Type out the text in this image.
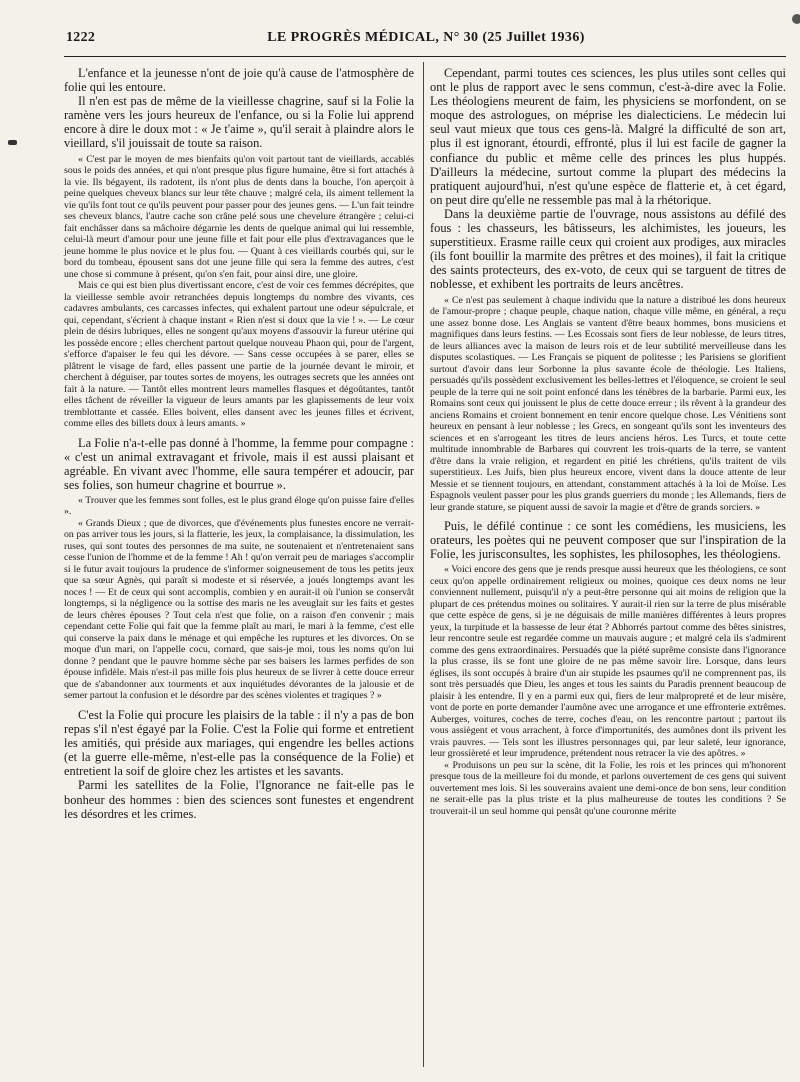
1222	LE PROGRÈS MÉDICAL, N° 30 (25 Juillet 1936)

L'enfance et la jeunesse n'ont de joie qu'à cause de l'atmosphère de folie qui les entoure.

Il n'en est pas de même de la vieillesse chagrine, sauf si la Folie la ramène vers les jours heureux de l'enfance, ou si la Folie lui apprend encore à dire le doux mot : « Je t'aime », qu'il serait à plaindre alors le vieillard, s'il jouissait de toute sa raison.

« C'est par le moyen de mes bienfaits qu'on voit partout tant de vieillards, accablés sous le poids des années, et qui n'ont presque plus figure humaine, être si fort attachés à la vie. Ils bégayent, ils radotent, ils n'ont plus de dents dans la bouche, l'on aperçoit à peine quelques cheveux blancs sur leur tête chauve ; malgré cela, ils aiment tellement la vie qu'ils font tout ce qu'ils peuvent pour passer pour des jeunes gens. — L'un fait teindre ses cheveux blancs, l'autre cache son crâne pelé sous une chevelure étrangère ; celui-ci fait enchâsser dans sa mâchoire dégarnie les dents de quelque animal qui lui ressemble, celui-là meurt d'amour pour une jeune fille et fait pour elle plus d'extravagances que le jeune homme le plus novice et le plus fou. — Quant à ces vieillards courbés qui, sur le bord du tombeau, épousent sans dot une jeune fille qui sera la femme des autres, c'est une chose si commune à présent, qu'on s'en fait, pour ainsi dire, une gloire.

Mais ce qui est bien plus divertissant encore, c'est de voir ces femmes décrépites, que la vieillesse semble avoir retranchées depuis longtemps du nombre des vivants, ces cadavres ambulants, ces carcasses infectes, qui exhalent partout une odeur sépulcrale, et qui, cependant, s'écrient à chaque instant « Rien n'est si doux que la vie ! ». — Le cœur plein de désirs lubriques, elles ne songent qu'aux moyens d'assouvir la fureur utérine qui les possède encore ; elles cherchent partout quelque nouveau Phaon qui, pour de l'argent, s'efforce d'apaiser le feu qui les dévore. — Sans cesse occupées à se parer, elles se plâtrent le visage de fard, elles passent une partie de la journée devant le miroir, et cherchent à déguiser, par toutes sortes de moyens, les outrages secrets que les années ont fait à la nature. — Tantôt elles montrent leurs mamelles flasques et dégoûtantes, tantôt elles tâchent de réveiller la vigueur de leurs amants par les glapissements de leur voix tremblottante et cassée. Elles boivent, elles dansent avec les jeunes filles et écrivent, comme elles des billets doux à leurs amants. »

La Folie n'a-t-elle pas donné à l'homme, la femme pour compagne : « c'est un animal extravagant et frivole, mais il est aussi plaisant et agréable. En vivant avec l'homme, elle saura tempérer et adoucir, par ses folies, son humeur chagrine et bourrue ».

« Trouver que les femmes sont folles, est le plus grand éloge qu'on puisse faire d'elles ».

« Grands Dieux ; que de divorces, que d'événements plus funestes encore ne verrait-on pas arriver tous les jours, si la flatterie, les jeux, la complaisance, la dissimulation, les ruses, qui sont toutes des personnes de ma suite, ne soutenaient et n'entretenaient sans cesse l'union de l'homme et de la femme ! Ah ! qu'on verrait peu de mariages s'accomplir si le futur avait toujours la prudence de s'informer soigneusement de tous les petits jeux que sa sœur Agnès, qui paraît si modeste et si réservée, a joués longtemps avant les noces ! — Et de ceux qui sont accomplis, combien y en aurait-il où l'union se conservât longtemps, si la négligence ou la sottise des maris ne les aveuglait sur les faits et gestes de leurs chères épouses ? Tout cela n'est que folie, on a raison d'en convenir ; mais cependant cette Folie qui fait que la femme plaît au mari, le mari à la femme, c'est elle qui conserve la paix dans le ménage et qui empêche les ruptures et les divorces. On se moque d'un mari, on l'appelle cocu, cornard, que sais-je moi, tous les noms qu'on lui donne ? pendant que le pauvre homme sèche par ses baisers les larmes perfides de son épouse infidèle. Mais n'est-il pas mille fois plus heureux de se livrer à cette douce erreur que de s'abandonner aux tourments et aux inquiétudes dévorantes de la jalousie et de semer partout la confusion et le désordre par des scènes violentes et tragiques ? »

C'est la Folie qui procure les plaisirs de la table : il n'y a pas de bon repas s'il n'est égayé par la Folie. C'est la Folie qui forme et entretient les amitiés, qui préside aux mariages, qui engendre les belles actions (et la guerre elle-même, n'est-elle pas la conséquence de la Folie) et entretient la soif de gloire chez les artistes et les savants.

Parmi les satellites de la Folie, l'Ignorance ne fait-elle pas le bonheur des hommes : bien des sciences sont funestes et engendrent les désordres et les crimes.

Cependant, parmi toutes ces sciences, les plus utiles sont celles qui ont le plus de rapport avec le sens commun, c'est-à-dire avec la Folie. Les théologiens meurent de faim, les physiciens se morfondent, on se moque des astrologues, on méprise les dialecticiens. Le médecin lui seul vaut mieux que tous ces gens-là. Malgré la difficulté de son art, plus il est ignorant, étourdi, effronté, plus il lui est facile de gagner la confiance du public et même celle des princes les plus huppés. D'ailleurs la médecine, surtout comme la plupart des médecins la pratiquent aujourd'hui, n'est qu'une espèce de flatterie et, à cet égard, on peut dire qu'elle ne ressemble pas mal à la rhétorique.

Dans la deuxième partie de l'ouvrage, nous assistons au défilé des fous : les chasseurs, les bâtisseurs, les alchimistes, les joueurs, les superstitieux. Erasme raille ceux qui croient aux prodiges, aux miracles (ils font bouillir la marmite des prêtres et des moines), il fait la critique des saints protecteurs, des ex-voto, de ceux qui se targuent de titres de noblesse, et exhibent les portraits de leurs ancêtres.

« Ce n'est pas seulement à chaque individu que la nature a distribué les dons heureux de l'amour-propre ; chaque peuple, chaque nation, chaque ville même, en général, a reçu une assez bonne dose. Les Anglais se vantent d'être beaux hommes, bons musiciens et magnifiques dans leurs festins. — Les Ecossais sont fiers de leur noblesse, de leurs titres, de leurs alliances avec la maison de leurs rois et de leur subtilité merveilleuse dans les disputes scolastiques. — Les Français se piquent de politesse ; les Parisiens se glorifient surtout d'avoir dans leur Sorbonne la plus savante école de théologie. Les Italiens, persuadés qu'ils possèdent exclusivement les belles-lettres et l'éloquence, se croient le seul peuple de la terre qui ne soit point enfoncé dans les ténèbres de la barbarie. Parmi eux, les Romains sont ceux qui jouissent le plus de cette douce erreur ; ils rêvent à la grandeur des anciens Romains et croient bonnement en tenir encore quelque chose. Les Vénitiens sont heureux en pensant à leur noblesse ; les Grecs, en songeant qu'ils sont les inventeurs des sciences et en s'arrogeant les titres de leurs anciens héros. Les Turcs, et toute cette multitude innombrable de Barbares qui couvrent les trois-quarts de la terre, se vantent d'être dans la vraie religion, et regardent en pitié les chrétiens, qu'ils traitent de vils superstitieux. Les Juifs, bien plus heureux encore, vivent dans la douce attente de leur Messie et se tiennent toujours, en attendant, constamment attachés à la loi de Moïse. Les Espagnols veulent passer pour les plus grands guerriers du monde ; les Allemands, fiers de leur grande stature, se piquent aussi de savoir la magie et d'être de grands sorciers. »

Puis, le défilé continue : ce sont les comédiens, les musiciens, les orateurs, les poètes qui ne peuvent composer que sur l'inspiration de la Folie, les jurisconsultes, les sophistes, les philosophes, les théologiens.

« Voici encore des gens que je rends presque aussi heureux que les théologiens, ce sont ceux qu'on appelle ordinairement religieux ou moines, quoique ces deux noms ne leur conviennent nullement, puisqu'il n'y a peut-être personne qui ait moins de religion que la plupart de ces prétendus moines ou solitaires. Y aurait-il rien sur la terre de plus misérable que cette espèce de gens, si je ne déguisais de mille manières différentes à leurs propres yeux, la turpitude et la bassesse de leur état ? Abhorrés partout comme des bêtes sinistres, leur rencontre seule est regardée comme un mauvais augure ; et malgré cela ils s'admirent comme des gens extraordinaires. Persuadés que la piété suprême consiste dans l'ignorance la plus crasse, ils se font une gloire de ne pas même savoir lire. Lorsque, dans leurs églises, ils sont occupés à braire d'un air stupide les psaumes qu'il ne comprennent pas, ils sont très persuadés que Dieu, les anges et tous les saints du Paradis prennent beaucoup de plaisir à les entendre. Il y en a parmi eux qui, fiers de leur malpropreté et de leur misère, vont de porte en porte demander l'aumône avec une arrogance et une effronterie extrêmes. Auberges, voitures, coches de terre, coches d'eau, on les rencontre partout ; partout ils vous assiègent et vous arrachent, à force d'importunités, des aumônes dont ils privent les vrais pauvres. — Tels sont les illustres personnages qui, par leur saleté, leur ignorance, leur grossièreté et leur imprudence, prétendent nous retracer la vie des apôtres. »

« Produisons un peu sur la scène, dit la Folie, les rois et les princes qui m'honorent presque tous de la meilleure foi du monde, et parlons ouvertement de ces gens qui suivent ouvertement mes lois. Si les souverains avaient une demi-once de bon sens, leur condition ne serait-elle pas la plus triste et la plus malheureuse de toutes les conditions ? Se trouverait-il un seul homme qui pensât qu'une couronne mérite
